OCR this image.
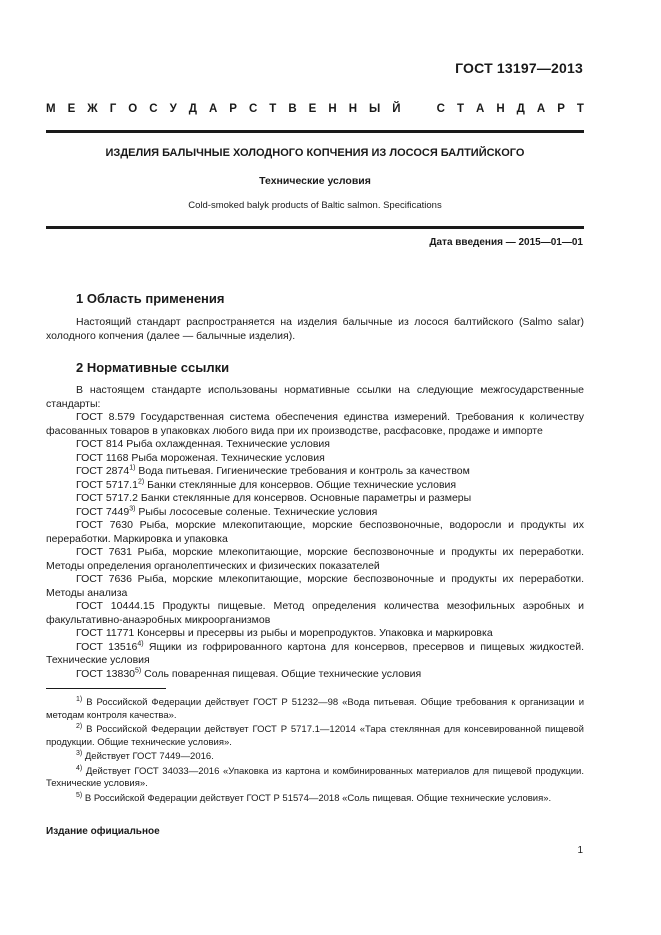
ГОСТ 13197—2013
М Е Ж Г О С У Д А Р С Т В Е Н Н Ы Й	С Т А Н Д А Р Т
ИЗДЕЛИЯ БАЛЫЧНЫЕ ХОЛОДНОГО КОПЧЕНИЯ ИЗ ЛОСОСЯ БАЛТИЙСКОГО
Технические условия
Cold-smoked balyk products of Baltic salmon. Specifications
Дата введения — 2015—01—01
1 Область применения
Настоящий стандарт распространяется на изделия балычные из лосося балтийского (Salmo salar) холодного копчения (далее — балычные изделия).
2 Нормативные ссылки
В настоящем стандарте использованы нормативные ссылки на следующие межгосударственные стандарты:
ГОСТ 8.579 Государственная система обеспечения единства измерений. Требования к количеству фасованных товаров в упаковках любого вида при их производстве, расфасовке, продаже и импорте
ГОСТ 814 Рыба охлажденная. Технические условия
ГОСТ 1168 Рыба мороженая. Технические условия
ГОСТ 2874$^{1)}$ Вода питьевая. Гигиенические требования и контроль за качеством
ГОСТ 5717.1$^{2)}$ Банки стеклянные для консервов. Общие технические условия
ГОСТ 5717.2 Банки стеклянные для консервов. Основные параметры и размеры
ГОСТ 7449$^{3)}$ Рыбы лососевые соленые. Технические условия
ГОСТ 7630 Рыба, морские млекопитающие, морские беспозвоночные, водоросли и продукты их переработки. Маркировка и упаковка
ГОСТ 7631 Рыба, морские млекопитающие, морские беспозвоночные и продукты их переработки. Методы определения органолептических и физических показателей
ГОСТ 7636 Рыба, морские млекопитающие, морские беспозвоночные и продукты их переработки. Методы анализа
ГОСТ 10444.15 Продукты пищевые. Метод определения количества мезофильных аэробных и факультативно-анаэробных микроорганизмов
ГОСТ 11771 Консервы и пресервы из рыбы и морепродуктов. Упаковка и маркировка
ГОСТ 13516$^{4)}$ Ящики из гофрированного картона для консервов, пресервов и пищевых жидкостей. Технические условия
ГОСТ 13830$^{5)}$ Соль поваренная пищевая. Общие технические условия
$^{1)}$ В Российской Федерации действует ГОСТ Р 51232—98 «Вода питьевая. Общие требования к организации и методам контроля качества».
$^{2)}$ В Российской Федерации действует ГОСТ Р 5717.1—12014 «Тара стеклянная для консевированной пищевой продукции. Общие технические условия».
$^{3)}$ Действует ГОСТ 7449—2016.
$^{4)}$ Действует ГОСТ 34033—2016 «Упаковка из картона и комбинированных материалов для пищевой продукции. Технические условия».
$^{5)}$ В Российской Федерации действует ГОСТ Р 51574—2018 «Соль пищевая. Общие технические условия».
Издание официальное
1
